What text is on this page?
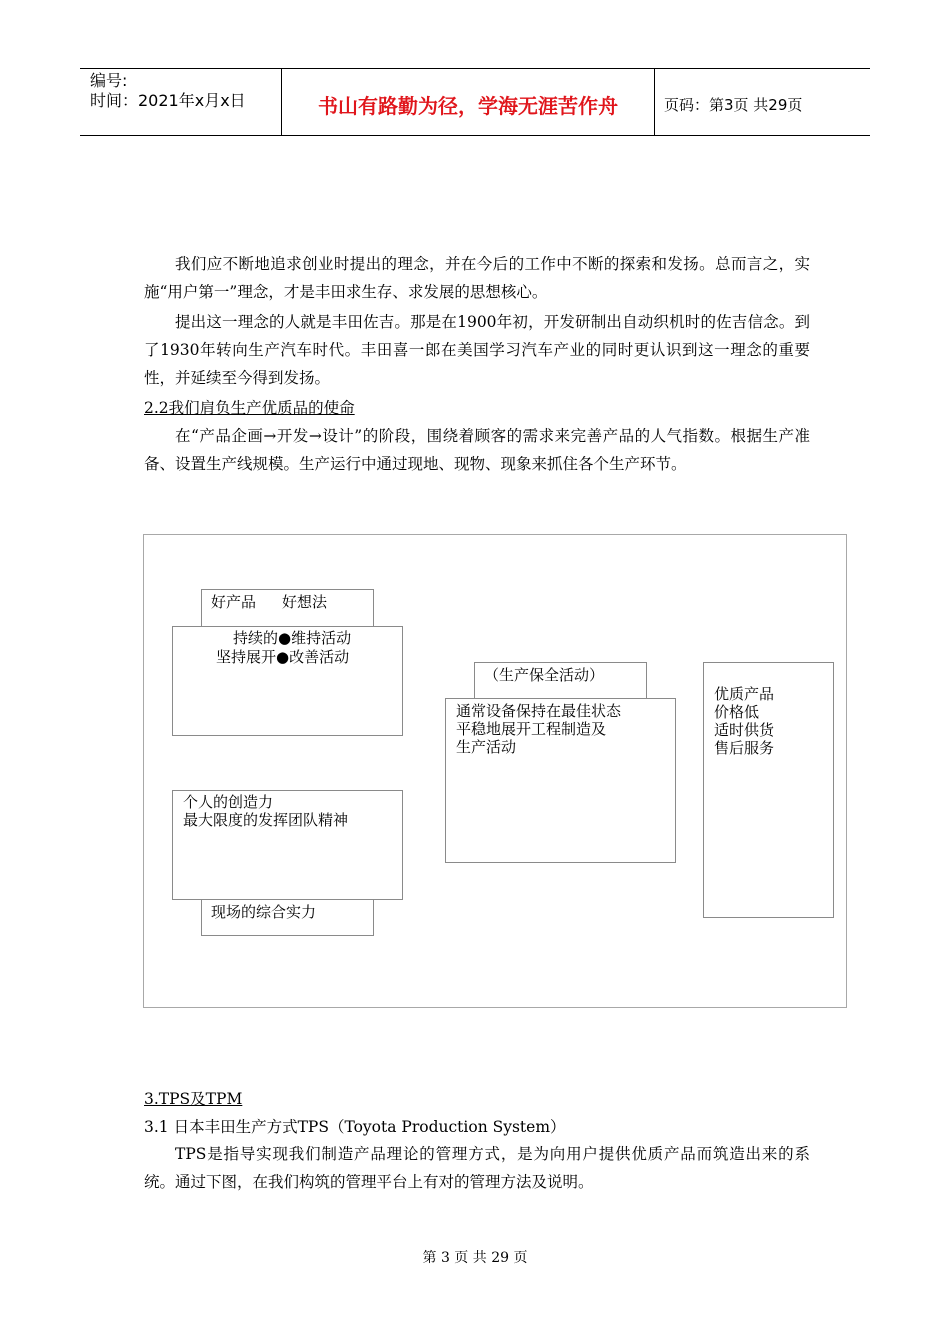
编号:
时间：2021年x月x日	书山有路勤为径，学海无涯苦作舟	页码：第3页 共29页
我们应不断地追求创业时提出的理念，并在今后的工作中不断的探索和发扬。总而言之，实施“用户第一”理念，才是丰田求生存、求发展的思想核心。
提出这一理念的人就是丰田佐吉。那是在1900年初，开发研制出自动织机时的佐吉信念。到了1930年转向生产汽车时代。丰田喜一郎在美国学习汽车产业的同时更认识到这一理念的重要性，并延续至今得到发扬。
2.2我们肩负生产优质品的使命
在“产品企画→开发→设计”的阶段，围绕着顾客的需求来完善产品的人气指数。根据生产准备、设置生产线规模。生产运行中通过现地、现物、现象来抓住各个生产环节。
好产品 好想法
持续的●维持活动
坚持展开●改善活动
（生产保全活动）
通常设备保持在最佳状态
平稳地展开工程制造及
生产活动
优质产品
价格低
适时供货
售后服务
现场的综合实力
个人的创造力
最大限度的发挥团队精神
3.TPS及TPM
3.1 日本丰田生产方式TPS（Toyota Production System）
TPS是指导实现我们制造产品理论的管理方式，是为向用户提供优质产品而筑造出来的系统。通过下图，在我们构筑的管理平台上有对的管理方法及说明。
第 3 页 共 29 页
